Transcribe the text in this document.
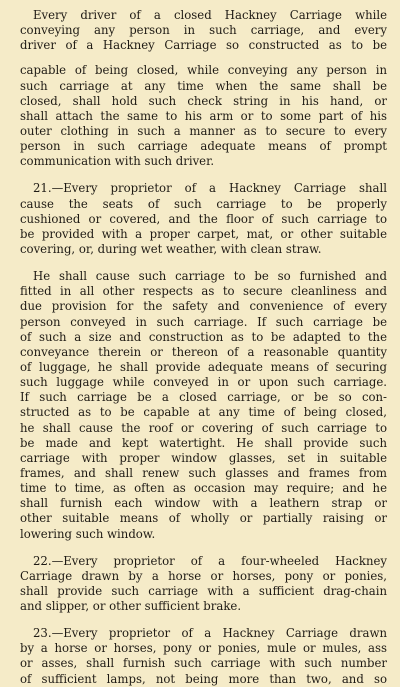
Every driver of a closed Hackney Carriage while
conveying any person in such carriage, and every
driver of a Hackney Carriage so constructed as to be
capable of being closed, while conveying any person in
such carriage at any time when the same shall be
closed, shall hold such check string in his hand, or
shall attach the same to his arm or to some part of his
outer clothing in such a manner as to secure to every
person in such carriage adequate means of prompt
communication with such driver.
21.—Every proprietor of a Hackney Carriage shall
cause the seats of such carriage to be properly
cushioned or covered, and the floor of such carriage to
be provided with a proper carpet, mat, or other suitable
covering, or, during wet weather, with clean straw.
He shall cause such carriage to be so furnished and
fitted in all other respects as to secure cleanliness and
due provision for the safety and convenience of every
person conveyed in such carriage. If such carriage be
of such a size and construction as to be adapted to the
conveyance therein or thereon of a reasonable quantity
of luggage, he shall provide adequate means of securing
such luggage while conveyed in or upon such carriage.
If such carriage be a closed carriage, or be so con-
structed as to be capable at any time of being closed,
he shall cause the roof or covering of such carriage to
be made and kept watertight. He shall provide such
carriage with proper window glasses, set in suitable
frames, and shall renew such glasses and frames from
time to time, as often as occasion may require; and he
shall furnish each window with a leathern strap or
other suitable means of wholly or partially raising or
lowering such window.
22.—Every proprietor of a four-wheeled Hackney
Carriage drawn by a horse or horses, pony or ponies,
shall provide such carriage with a sufficient drag-chain
and slipper, or other sufficient brake.
23.—Every proprietor of a Hackney Carriage drawn
by a horse or horses, pony or ponies, mule or mules, ass
or asses, shall furnish such carriage with such number
of sufficient lamps, not being more than two, and so
